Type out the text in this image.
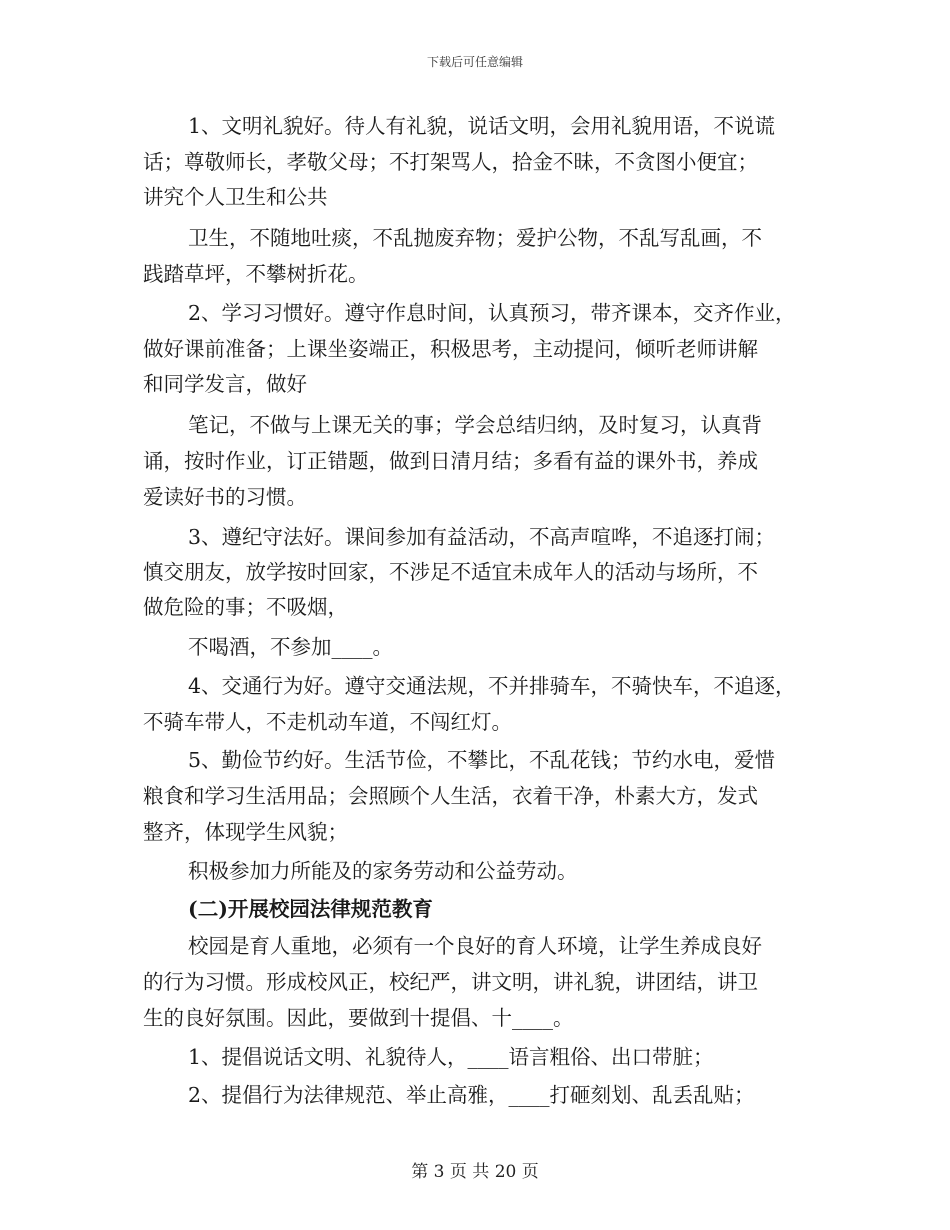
下载后可任意编辑
1、文明礼貌好。待人有礼貌，说话文明，会用礼貌用语，不说谎
话；尊敬师长，孝敬父母；不打架骂人，拾金不昧，不贪图小便宜；
讲究个人卫生和公共
卫生，不随地吐痰，不乱抛废弃物；爱护公物，不乱写乱画，不
践踏草坪，不攀树折花。
2、学习习惯好。遵守作息时间，认真预习，带齐课本，交齐作业，
做好课前准备；上课坐姿端正，积极思考，主动提问，倾听老师讲解
和同学发言，做好
笔记，不做与上课无关的事；学会总结归纳，及时复习，认真背
诵，按时作业，订正错题，做到日清月结；多看有益的课外书，养成
爱读好书的习惯。
3、遵纪守法好。课间参加有益活动，不高声喧哗，不追逐打闹；
慎交朋友，放学按时回家，不涉足不适宜未成年人的活动与场所，不
做危险的事；不吸烟，
不喝酒，不参加____。
4、交通行为好。遵守交通法规，不并排骑车，不骑快车，不追逐，
不骑车带人，不走机动车道，不闯红灯。
5、勤俭节约好。生活节俭，不攀比，不乱花钱；节约水电，爱惜
粮食和学习生活用品；会照顾个人生活，衣着干净，朴素大方，发式
整齐，体现学生风貌；
积极参加力所能及的家务劳动和公益劳动。
(二)开展校园法律规范教育
校园是育人重地，必须有一个良好的育人环境，让学生养成良好
的行为习惯。形成校风正，校纪严，讲文明，讲礼貌，讲团结，讲卫
生的良好氛围。因此，要做到十提倡、十____。
1、提倡说话文明、礼貌待人，____语言粗俗、出口带脏；
2、提倡行为法律规范、举止高雅，____打砸刻划、乱丢乱贴；
第 3 页 共 20 页
